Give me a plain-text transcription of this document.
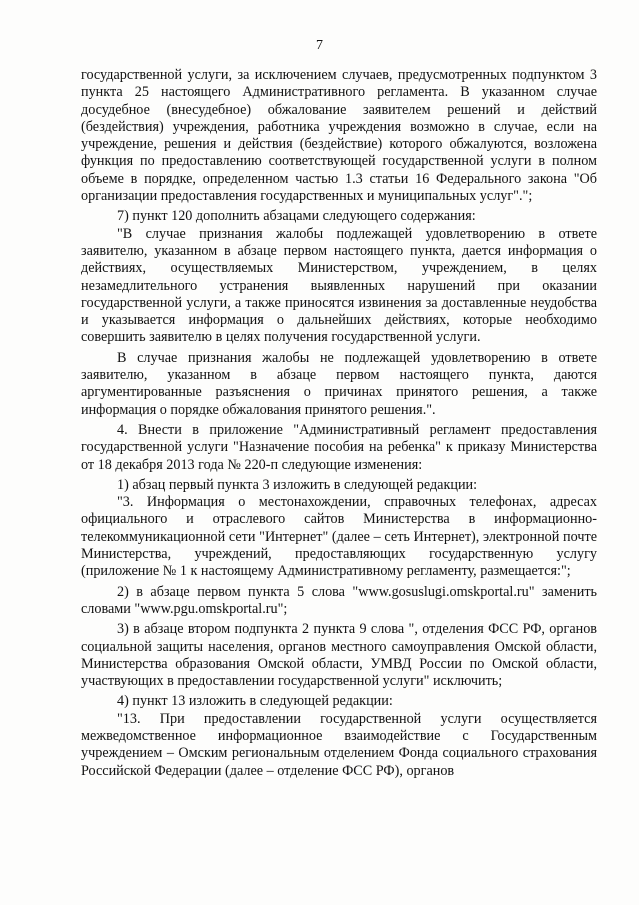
7

государственной услуги, за исключением случаев, предусмотренных подпунктом 3 пункта 25 настоящего Административного регламента. В указанном случае досудебное (внесудебное) обжалование заявителем решений и действий (бездействия) учреждения, работника учреждения возможно в случае, если на учреждение, решения и действия (бездействие) которого обжалуются, возложена функция по предоставлению соответствующей государственной услуги в полном объеме в порядке, определенном частью 1.3 статьи 16 Федерального закона "Об организации предоставления государственных и муниципальных услуг".";

7) пункт 120 дополнить абзацами следующего содержания:

"В случае признания жалобы подлежащей удовлетворению в ответе заявителю, указанном в абзаце первом настоящего пункта, дается информация о действиях, осуществляемых Министерством, учреждением, в целях незамедлительного устранения выявленных нарушений при оказании государственной услуги, а также приносятся извинения за доставленные неудобства и указывается информация о дальнейших действиях, которые необходимо совершить заявителю в целях получения государственной услуги.

В случае признания жалобы не подлежащей удовлетворению в ответе заявителю, указанном в абзаце первом настоящего пункта, даются аргументированные разъяснения о причинах принятого решения, а также информация о порядке обжалования принятого решения.".

4. Внести в приложение "Административный регламент предоставления государственной услуги "Назначение пособия на ребенка" к приказу Министерства от 18 декабря 2013 года № 220-п следующие изменения:

1) абзац первый пункта 3 изложить в следующей редакции:

"3. Информация о местонахождении, справочных телефонах, адресах официального и отраслевого сайтов Министерства в информационно-телекоммуникационной сети "Интернет" (далее – сеть Интернет), электронной почте Министерства, учреждений, предоставляющих государственную услугу (приложение № 1 к настоящему Административному регламенту, размещается:";

2) в абзаце первом пункта 5 слова "www.gosuslugi.omskportal.ru" заменить словами "www.pgu.omskportal.ru";

3) в абзаце втором подпункта 2 пункта 9 слова ", отделения ФСС РФ, органов социальной защиты населения, органов местного самоуправления Омской области, Министерства образования Омской области, УМВД России по Омской области, участвующих в предоставлении государственной услуги" исключить;

4) пункт 13 изложить в следующей редакции:

"13. При предоставлении государственной услуги осуществляется межведомственное информационное взаимодействие с Государственным учреждением – Омским региональным отделением Фонда социального страхования Российской Федерации (далее – отделение ФСС РФ), органов
